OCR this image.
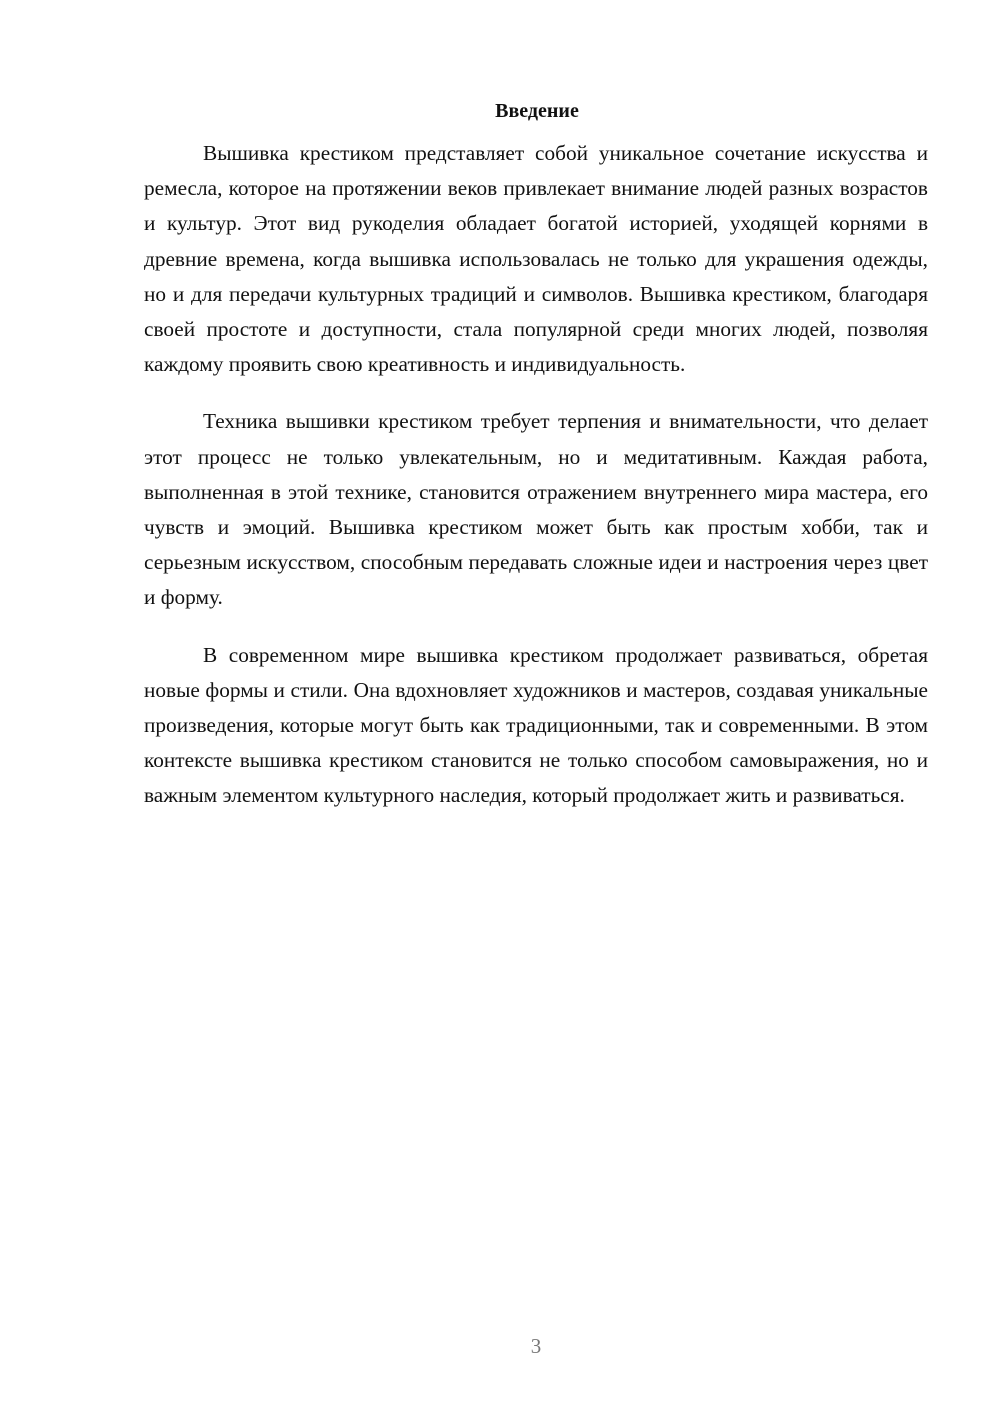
Введение

Вышивка крестиком представляет собой уникальное сочетание искусства и ремесла, которое на протяжении веков привлекает внимание людей разных возрастов и культур. Этот вид рукоделия обладает богатой историей, уходящей корнями в древние времена, когда вышивка использовалась не только для украшения одежды, но и для передачи культурных традиций и символов. Вышивка крестиком, благодаря своей простоте и доступности, стала популярной среди многих людей, позволяя каждому проявить свою креативность и индивидуальность.

Техника вышивки крестиком требует терпения и внимательности, что делает этот процесс не только увлекательным, но и медитативным. Каждая работа, выполненная в этой технике, становится отражением внутреннего мира мастера, его чувств и эмоций. Вышивка крестиком может быть как простым хобби, так и серьезным искусством, способным передавать сложные идеи и настроения через цвет и форму.

В современном мире вышивка крестиком продолжает развиваться, обретая новые формы и стили. Она вдохновляет художников и мастеров, создавая уникальные произведения, которые могут быть как традиционными, так и современными. В этом контексте вышивка крестиком становится не только способом самовыражения, но и важным элементом культурного наследия, который продолжает жить и развиваться.

3
